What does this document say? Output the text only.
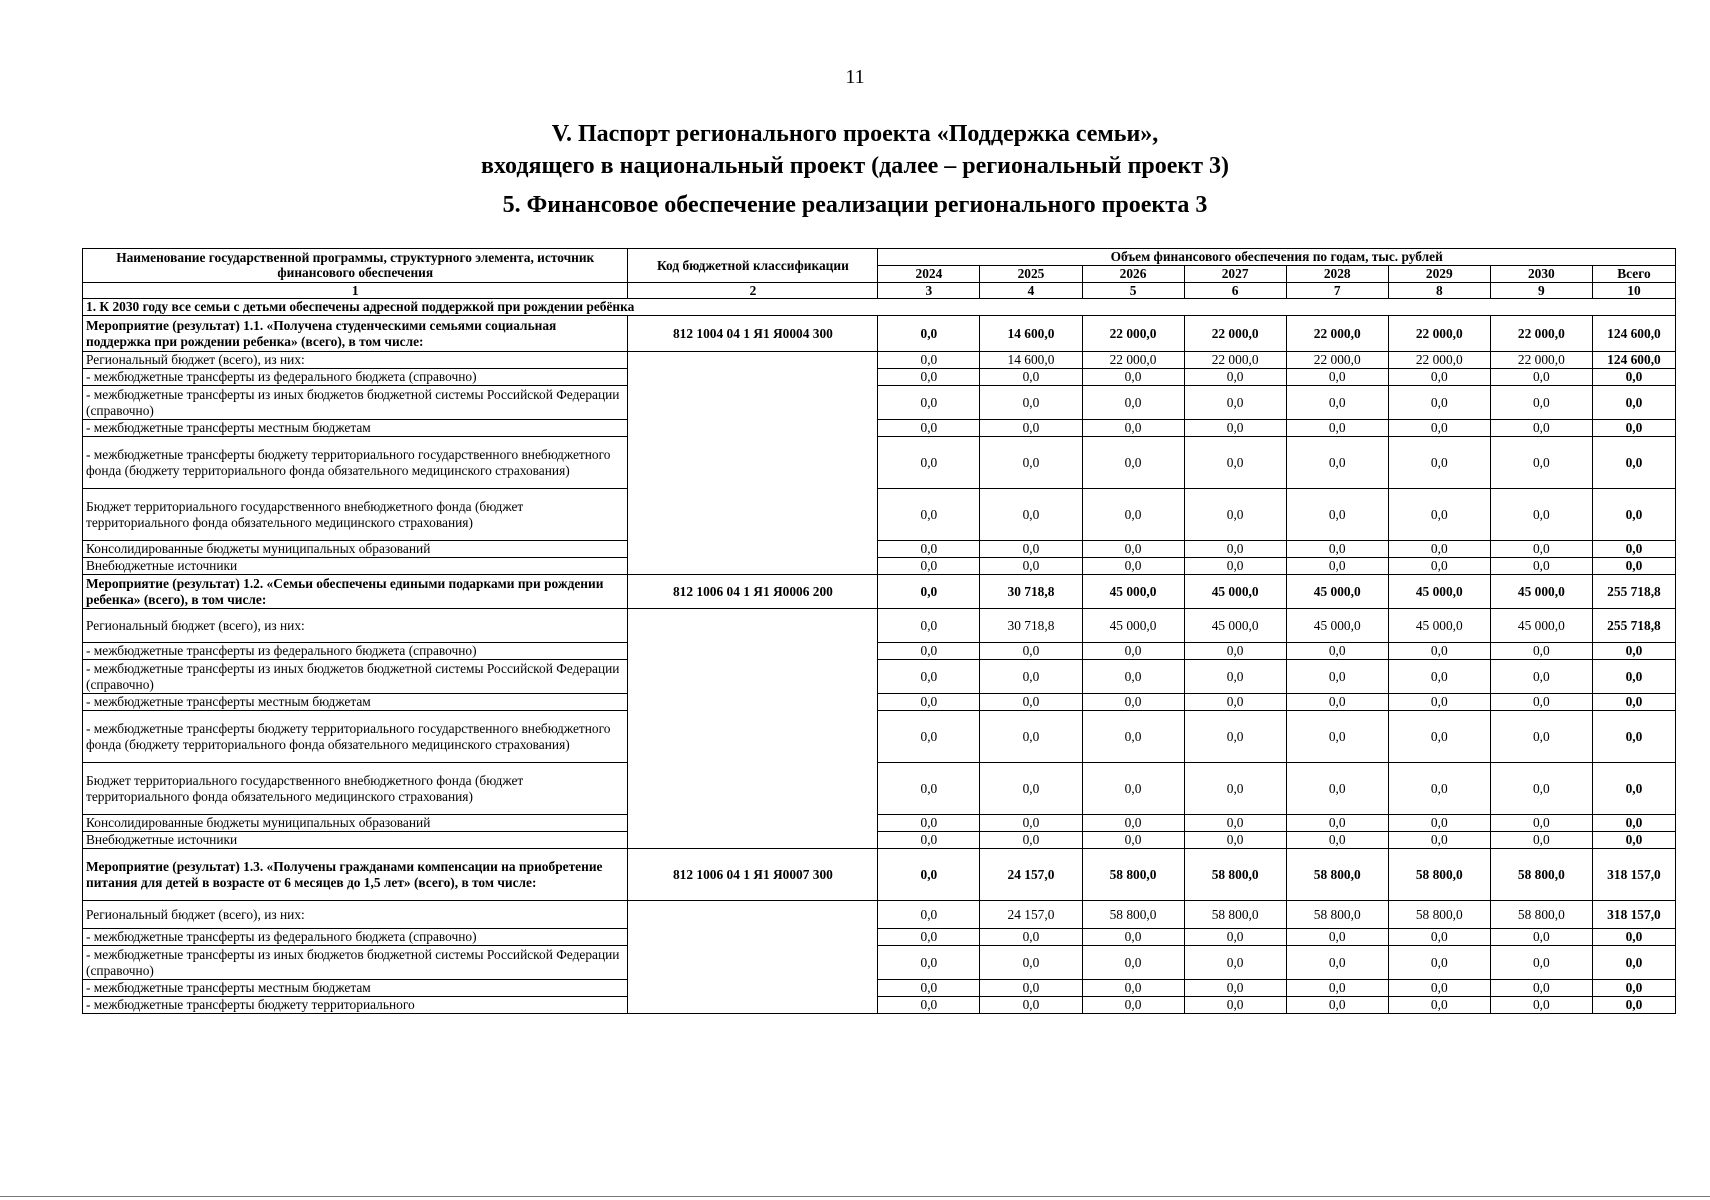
11
V. Паспорт регионального проекта «Поддержка семьи»,
входящего в национальный проект (далее – региональный проект 3)
5. Финансовое обеспечение реализации регионального проекта 3
Наименование государственной программы, структурного элемента, источник финансового обеспечения	Код бюджетной классификации	Объем финансового обеспечения по годам, тыс. рублей							
		2024	2025	2026	2027	2028	2029	2030	Всего
1	2	3	4	5	6	7	8	9	10
1. К 2030 году все семьи с детьми обеспечены адресной поддержкой при рождении ребёнка									
Мероприятие (результат) 1.1. «Получена студенческими семьями социальная поддержка при рождении ребенка» (всего), в том числе:	812 1004 04 1 Я1 Я0004 300	0,0	14 600,0	22 000,0	22 000,0	22 000,0	22 000,0	22 000,0	124 600,0
Региональный бюджет (всего), из них:		0,0	14 600,0	22 000,0	22 000,0	22 000,0	22 000,0	22 000,0	124 600,0
- межбюджетные трансферты из федерального бюджета (справочно)		0,0	0,0	0,0	0,0	0,0	0,0	0,0	0,0
- межбюджетные трансферты из иных бюджетов бюджетной системы Российской Федерации (справочно)		0,0	0,0	0,0	0,0	0,0	0,0	0,0	0,0
- межбюджетные трансферты местным бюджетам		0,0	0,0	0,0	0,0	0,0	0,0	0,0	0,0
- межбюджетные трансферты бюджету территориального государственного внебюджетного фонда (бюджету территориального фонда обязательного медицинского страхования)		0,0	0,0	0,0	0,0	0,0	0,0	0,0	0,0
Бюджет территориального государственного внебюджетного фонда (бюджет территориального фонда обязательного медицинского страхования)		0,0	0,0	0,0	0,0	0,0	0,0	0,0	0,0
Консолидированные бюджеты муниципальных образований		0,0	0,0	0,0	0,0	0,0	0,0	0,0	0,0
Внебюджетные источники		0,0	0,0	0,0	0,0	0,0	0,0	0,0	0,0
Мероприятие (результат) 1.2. «Семьи обеспечены едиными подарками при рождении ребенка» (всего), в том числе:	812 1006 04 1 Я1 Я0006 200	0,0	30 718,8	45 000,0	45 000,0	45 000,0	45 000,0	45 000,0	255 718,8
Региональный бюджет (всего), из них:		0,0	30 718,8	45 000,0	45 000,0	45 000,0	45 000,0	45 000,0	255 718,8
- межбюджетные трансферты из федерального бюджета (справочно)		0,0	0,0	0,0	0,0	0,0	0,0	0,0	0,0
- межбюджетные трансферты из иных бюджетов бюджетной системы Российской Федерации (справочно)		0,0	0,0	0,0	0,0	0,0	0,0	0,0	0,0
- межбюджетные трансферты местным бюджетам		0,0	0,0	0,0	0,0	0,0	0,0	0,0	0,0
- межбюджетные трансферты бюджету территориального государственного внебюджетного фонда (бюджету территориального фонда обязательного медицинского страхования)		0,0	0,0	0,0	0,0	0,0	0,0	0,0	0,0
Бюджет территориального государственного внебюджетного фонда (бюджет территориального фонда обязательного медицинского страхования)		0,0	0,0	0,0	0,0	0,0	0,0	0,0	0,0
Консолидированные бюджеты муниципальных образований		0,0	0,0	0,0	0,0	0,0	0,0	0,0	0,0
Внебюджетные источники		0,0	0,0	0,0	0,0	0,0	0,0	0,0	0,0
Мероприятие (результат) 1.3. «Получены гражданами компенсации на приобретение питания для детей в возрасте от 6 месяцев до 1,5 лет» (всего), в том числе:	812 1006 04 1 Я1 Я0007 300	0,0	24 157,0	58 800,0	58 800,0	58 800,0	58 800,0	58 800,0	318 157,0
Региональный бюджет (всего), из них:		0,0	24 157,0	58 800,0	58 800,0	58 800,0	58 800,0	58 800,0	318 157,0
- межбюджетные трансферты из федерального бюджета (справочно)		0,0	0,0	0,0	0,0	0,0	0,0	0,0	0,0
- межбюджетные трансферты из иных бюджетов бюджетной системы Российской Федерации (справочно)		0,0	0,0	0,0	0,0	0,0	0,0	0,0	0,0
- межбюджетные трансферты местным бюджетам		0,0	0,0	0,0	0,0	0,0	0,0	0,0	0,0
- межбюджетные трансферты бюджету территориального		0,0	0,0	0,0	0,0	0,0	0,0	0,0	0,0
